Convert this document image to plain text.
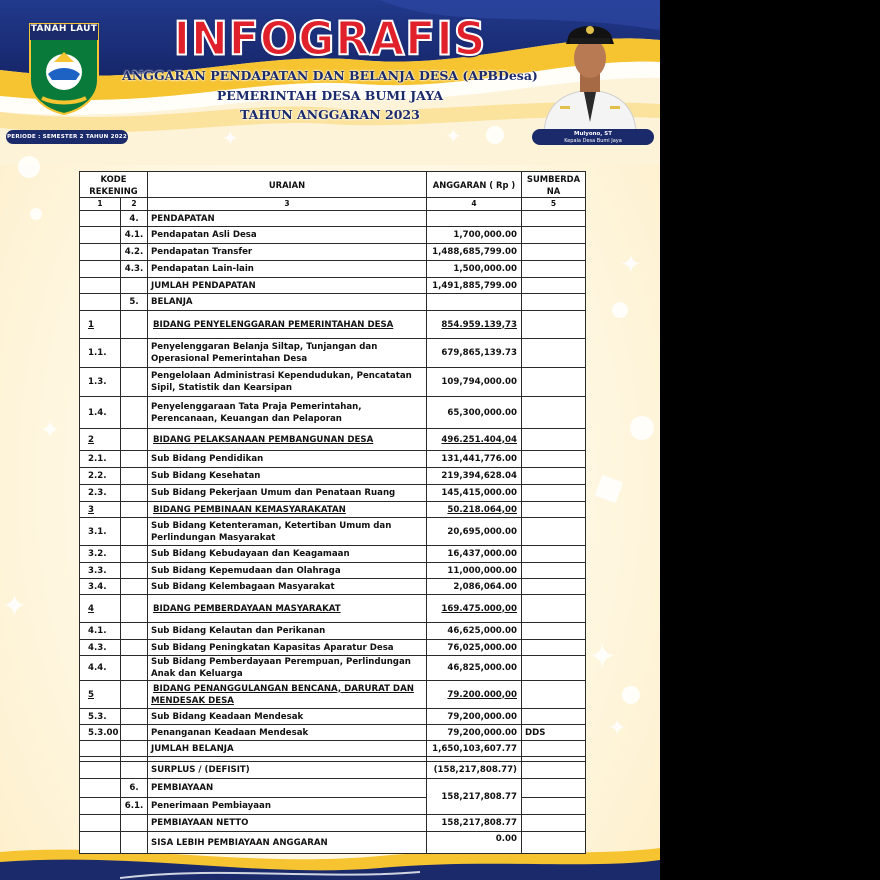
✦	✦
✦
✦
✦
✦
✦
TANAH LAUT	INFOGRAFIS
ANGGARAN PENDAPATAN DAN BELANJA DESA (APBDesa)
PEMERINTAH DESA BUMI JAYA
TAHUN ANGGARAN 2023
PERIODE : SEMESTER 2 TAHUN 2022	Mulyono, ST
Kepala Desa Bumi Jaya
KODE REKENING		URAIAN	ANGGARAN ( Rp )	SUMBERDA NA
1	2	3	4	5
	4.	PENDAPATAN		
	4.1.	Pendapatan Asli Desa	1,700,000.00	
	4.2.	Pendapatan Transfer	1,488,685,799.00	
	4.3.	Pendapatan Lain-lain	1,500,000.00	
		JUMLAH PENDAPATAN	1,491,885,799.00	
	5.	BELANJA		
1		BIDANG PENYELENGGARAN PEMERINTAHAN DESA	854.959.139,73	
1.1.		Penyelenggaran Belanja Siltap, Tunjangan dan Operasional Pemerintahan Desa	679,865,139.73	
1.3.		Pengelolaan Administrasi Kependudukan, Pencatatan Sipil, Statistik dan Kearsipan	109,794,000.00	
1.4.		Penyelenggaraan Tata Praja Pemerintahan, Perencanaan, Keuangan dan Pelaporan	65,300,000.00	
2		BIDANG PELAKSANAAN PEMBANGUNAN DESA	496.251.404,04	
2.1.		Sub Bidang Pendidikan	131,441,776.00	
2.2.		Sub Bidang Kesehatan	219,394,628.04	
2.3.		Sub Bidang Pekerjaan Umum dan Penataan Ruang	145,415,000.00	
3		BIDANG PEMBINAAN KEMASYARAKATAN	50.218.064,00	
3.1.		Sub Bidang Ketenteraman, Ketertiban Umum dan Perlindungan Masyarakat	20,695,000.00	
3.2.		Sub Bidang Kebudayaan dan Keagamaan	16,437,000.00	
3.3.		Sub Bidang Kepemudaan dan Olahraga	11,000,000.00	
3.4.		Sub Bidang Kelembagaan Masyarakat	2,086,064.00	
4		BIDANG PEMBERDAYAAN MASYARAKAT	169.475.000,00	
4.1.		Sub Bidang Kelautan dan Perikanan	46,625,000.00	
4.3.		Sub Bidang Peningkatan Kapasitas Aparatur Desa	76,025,000.00	
4.4.		Sub Bidang Pemberdayaan Perempuan, Perlindungan Anak dan Keluarga	46,825,000.00	
5		BIDANG PENANGGULANGAN BENCANA, DARURAT DAN MENDESAK DESA	79.200.000,00	
5.3.		Sub Bidang Keadaan Mendesak	79,200,000.00	
5.3.00		Penanganan Keadaan Mendesak	79,200,000.00	DDS
		JUMLAH BELANJA	1,650,103,607.77	

		SURPLUS / (DEFISIT)	(158,217,808.77)	
	6.	PEMBIAYAAN	158,217,808.77	
	6.1.	Penerimaan Pembiayaan		
		PEMBIAYAAN NETTO	158,217,808.77	
		SISA LEBIH PEMBIAYAAN ANGGARAN	0.00	
